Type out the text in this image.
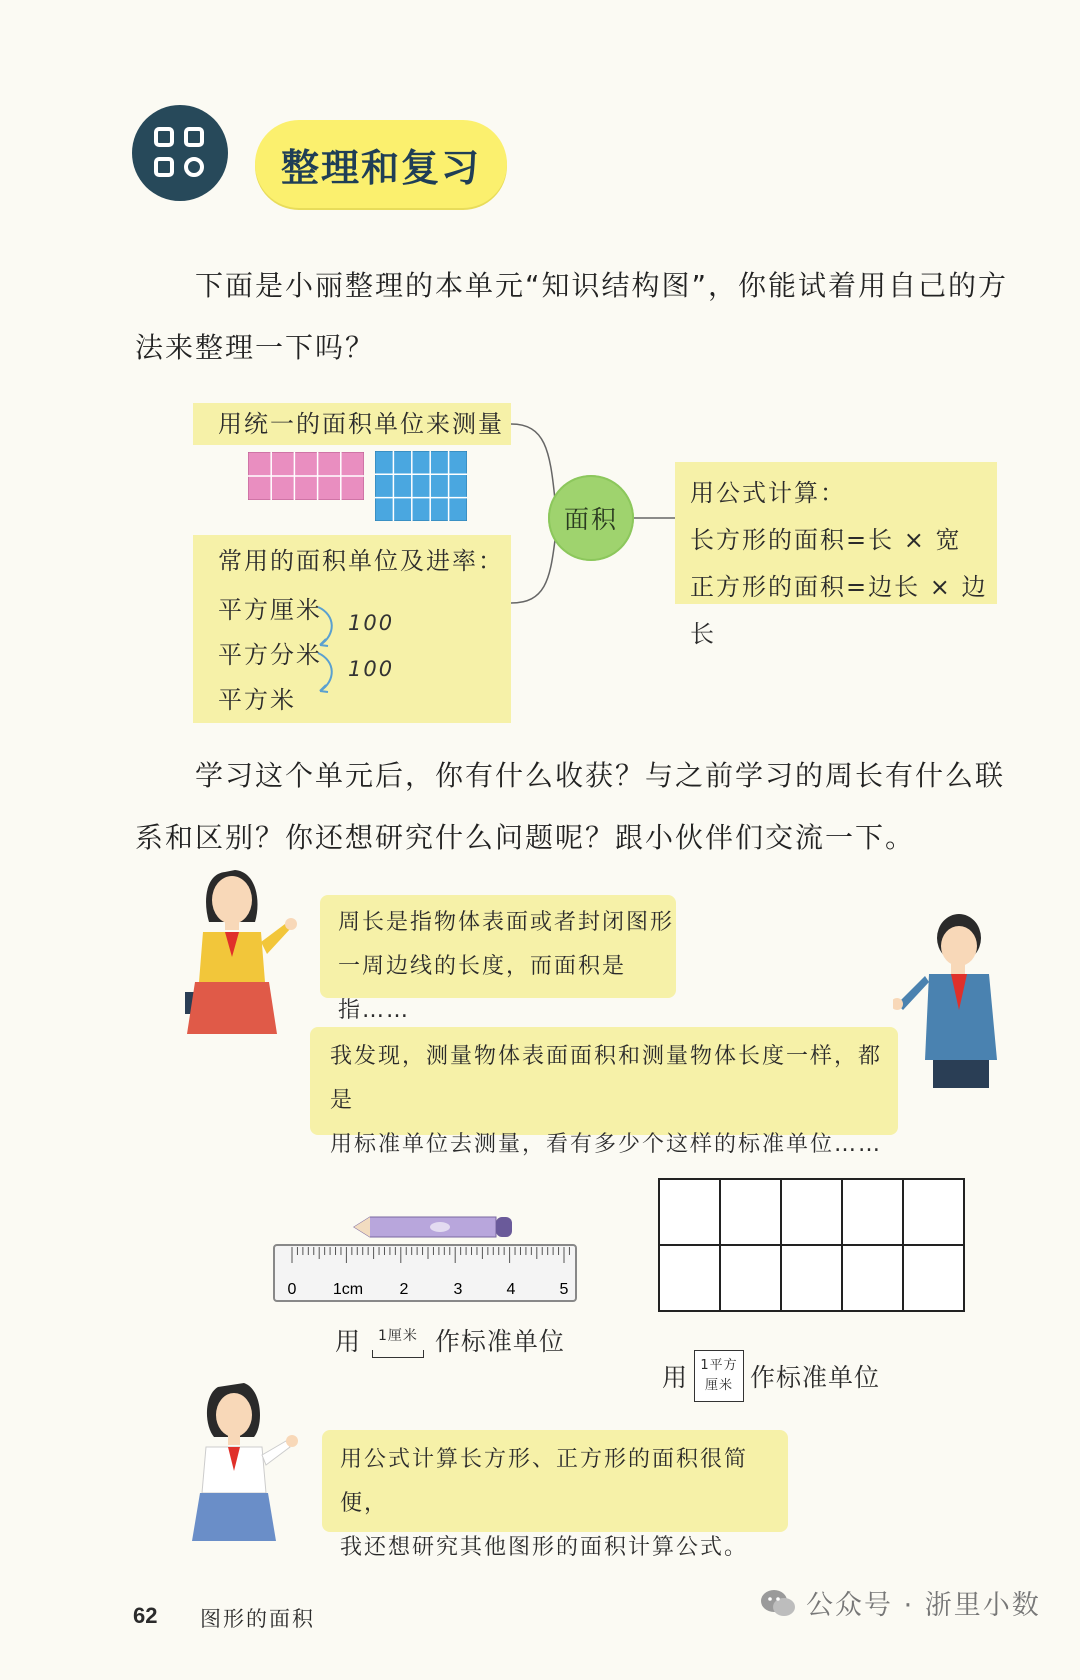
整理和复习
下面是小丽整理的本单元“知识结构图”，你能试着用自己的方
法来整理一下吗？
用统一的面积单位来测量
常用的面积单位及进率：
平方厘米
平方分米
平方米
100
100
面积
用公式计算：
长方形的面积=长 × 宽
正方形的面积=边长 × 边长
学习这个单元后，你有什么收获？与之前学习的周长有什么联
系和区别？你还想研究什么问题呢？跟小伙伴们交流一下。
周长是指物体表面或者封闭图形
一周边线的长度，而面积是指……
我发现，测量物体表面面积和测量物体长度一样，都是
用标准单位去测量，看有多少个这样的标准单位……
0 1cm 2	3	4	5
用 1厘米 作标准单位
用 1平方
厘米 作标准单位
用公式计算长方形、正方形的面积很简便，
我还想研究其他图形的面积计算公式。
62 图形的面积	公众号 · 浙里小数
